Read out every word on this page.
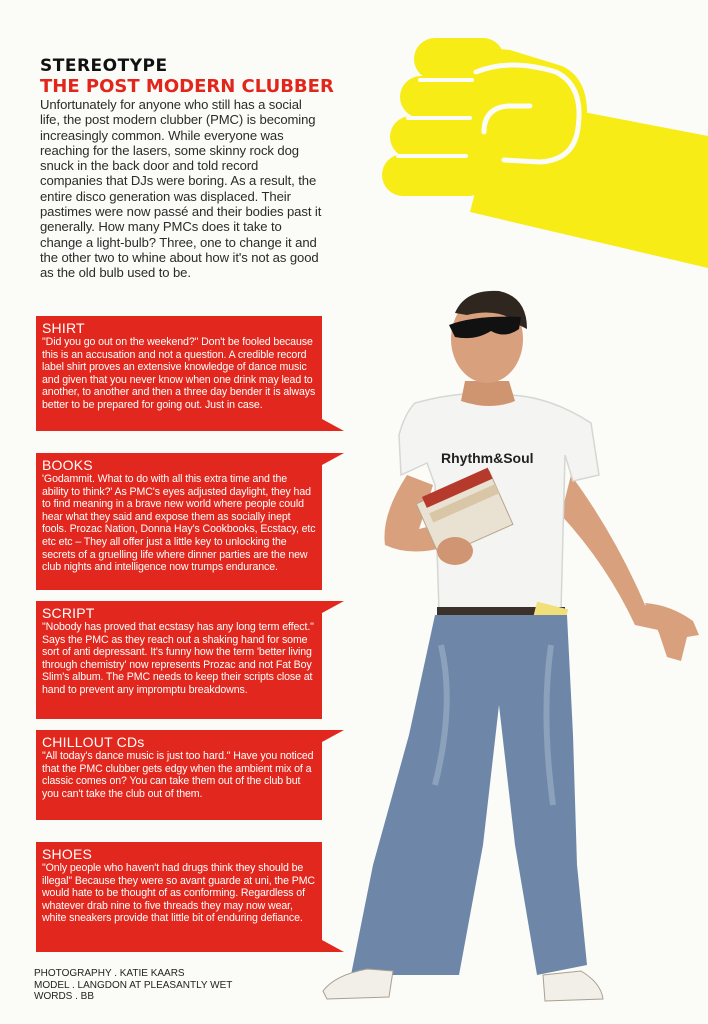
STEREOTYPE
THE POST MODERN CLUBBER
Unfortunately for anyone who still has a social life, the post modern clubber (PMC) is becoming increasingly common. While everyone was reaching for the lasers, some skinny rock dog snuck in the back door and told record companies that DJs were boring. As a result, the entire disco generation was displaced. Their pastimes were now passé and their bodies past it generally. How many PMCs does it take to change a light-bulb? Three, one to change it and the other two to whine about how it's not as good as the old bulb used to be.
Rhythm&Soul
SHIRT
"Did you go out on the weekend?" Don't be fooled because this is an accusation and not a question. A credible record label shirt proves an extensive knowledge of dance music and given that you never know when one drink may lead to another, to another and then a three day bender it is always better to be prepared for going out. Just in case.
BOOKS
'Godammit. What to do with all this extra time and the ability to think?' As PMC's eyes adjusted daylight, they had to find meaning in a brave new world where people could hear what they said and expose them as socially inept fools. Prozac Nation, Donna Hay's Cookbooks, Ecstacy, etc etc etc – They all offer just a little key to unlocking the secrets of a gruelling life where dinner parties are the new club nights and intelligence now trumps endurance.
SCRIPT
"Nobody has proved that ecstasy has any long term effect." Says the PMC as they reach out a shaking hand for some sort of anti depressant. It's funny how the term 'better living through chemistry' now represents Prozac and not Fat Boy Slim's album. The PMC needs to keep their scripts close at hand to prevent any impromptu breakdowns.
CHILLOUT CDs
"All today's dance music is just too hard." Have you noticed that the PMC clubber gets edgy when the ambient mix of a classic comes on? You can take them out of the club but you can't take the club out of them.
SHOES
"Only people who haven't had drugs think they should be illegal" Because they were so avant guarde at uni, the PMC would hate to be thought of as conforming. Regardless of whatever drab nine to five threads they may now wear, white sneakers provide that little bit of enduring defiance.
PHOTOGRAPHY . KATIE KAARS
MODEL . LANGDON AT PLEASANTLY WET
WORDS . BB
